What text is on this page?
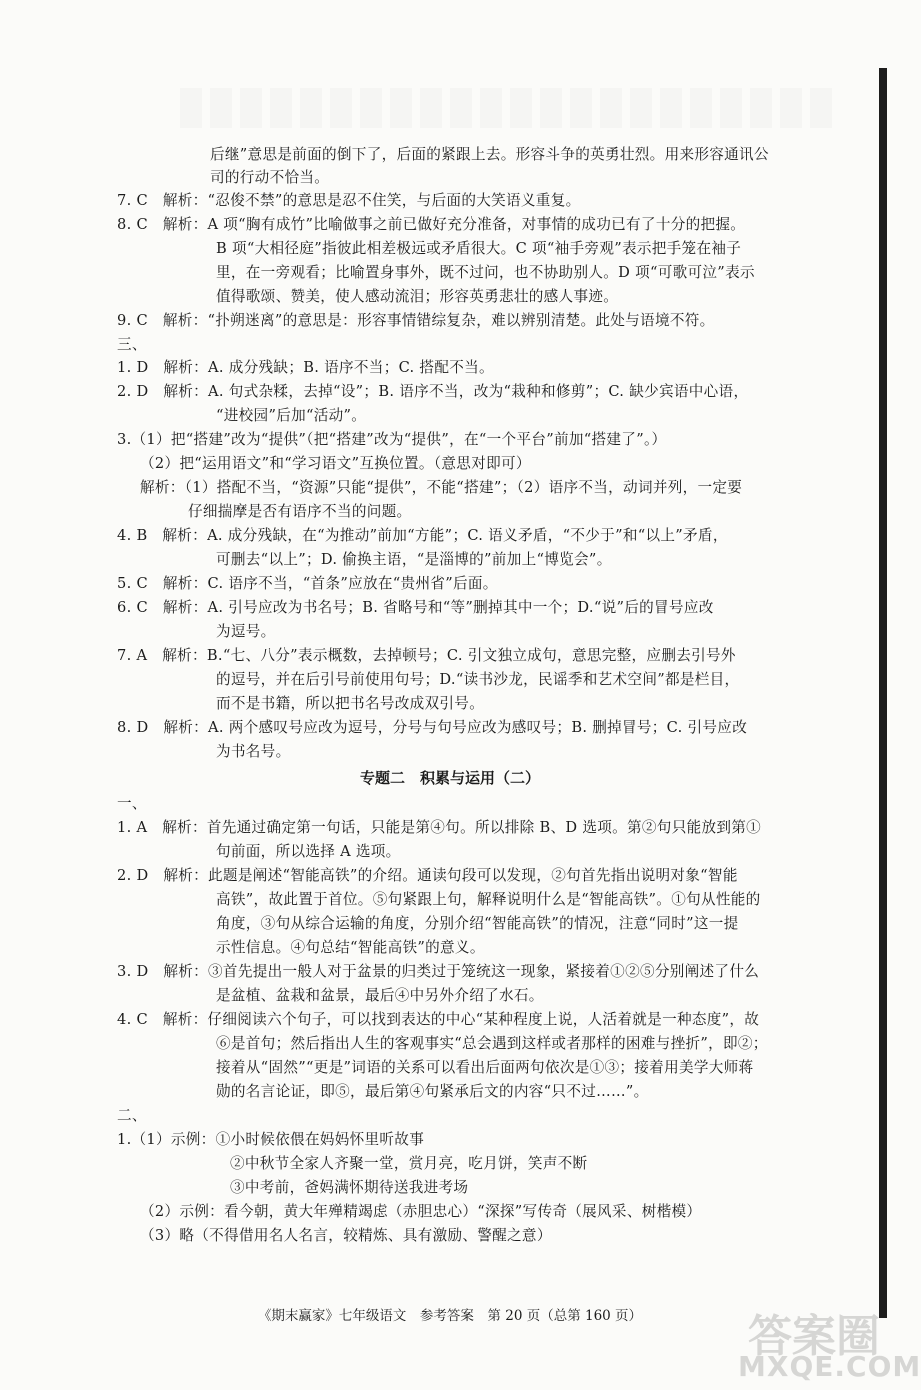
后继”意思是前面的倒下了，后面的紧跟上去。形容斗争的英勇壮烈。用来形容通讯公
司的行动不恰当。
7. C　解析：“忍俊不禁”的意思是忍不住笑，与后面的大笑语义重复。
8. C　解析：A 项“胸有成竹”比喻做事之前已做好充分准备，对事情的成功已有了十分的把握。
B 项“大相径庭”指彼此相差极远或矛盾很大。C 项“袖手旁观”表示把手笼在袖子
里，在一旁观看；比喻置身事外，既不过问，也不协助别人。D 项“可歌可泣”表示
值得歌颂、赞美，使人感动流泪；形容英勇悲壮的感人事迹。
9. C　解析：“扑朔迷离”的意思是：形容事情错综复杂，难以辨别清楚。此处与语境不符。
三、
1. D　解析：A. 成分残缺；B. 语序不当；C. 搭配不当。
2. D　解析：A. 句式杂糅，去掉“设”；B. 语序不当，改为“栽种和修剪”；C. 缺少宾语中心语，
“进校园”后加“活动”。
3.（1）把“搭建”改为“提供”（把“搭建”改为“提供”，在“一个平台”前加“搭建了”。）
（2）把“运用语文”和“学习语文”互换位置。（意思对即可）
解析：（1）搭配不当，“资源”只能“提供”，不能“搭建”；（2）语序不当，动词并列，一定要
仔细揣摩是否有语序不当的问题。
4. B　解析：A. 成分残缺，在“为推动”前加“方能”；C. 语义矛盾，“不少于”和“以上”矛盾，
可删去“以上”；D. 偷换主语，“是淄博的”前加上“博览会”。
5. C　解析：C. 语序不当，“首条”应放在“贵州省”后面。
6. C　解析：A. 引号应改为书名号；B. 省略号和“等”删掉其中一个；D.“说”后的冒号应改
为逗号。
7. A　解析：B.“七、八分”表示概数，去掉顿号；C. 引文独立成句，意思完整，应删去引号外
的逗号，并在后引号前使用句号；D.“读书沙龙，民谣季和艺术空间”都是栏目，
而不是书籍，所以把书名号改成双引号。
8. D　解析：A. 两个感叹号应改为逗号，分号与句号应改为感叹号；B. 删掉冒号；C. 引号应改
为书名号。
专题二　积累与运用（二）
一、
1. A　解析：首先通过确定第一句话，只能是第④句。所以排除 B、D 选项。第②句只能放到第①
句前面，所以选择 A 选项。
2. D　解析：此题是阐述“智能高铁”的介绍。通读句段可以发现，②句首先指出说明对象“智能
高铁”，故此置于首位。⑤句紧跟上句，解释说明什么是“智能高铁”。①句从性能的
角度，③句从综合运输的角度，分别介绍“智能高铁”的情况，注意“同时”这一提
示性信息。④句总结“智能高铁”的意义。
3. D　解析：③首先提出一般人对于盆景的归类过于笼统这一现象，紧接着①②⑤分别阐述了什么
是盆植、盆栽和盆景，最后④中另外介绍了水石。
4. C　解析：仔细阅读六个句子，可以找到表达的中心“某种程度上说，人活着就是一种态度”，故
⑥是首句；然后指出人生的客观事实“总会遇到这样或者那样的困难与挫折”，即②；
接着从“固然”“更是”词语的关系可以看出后面两句依次是①③；接着用美学大师蒋
勋的名言论证，即⑤，最后第④句紧承后文的内容“只不过……”。
二、
1.（1）示例：①小时候依偎在妈妈怀里听故事
②中秋节全家人齐聚一堂，赏月亮，吃月饼，笑声不断
③中考前，爸妈满怀期待送我进考场
（2）示例：看今朝，黄大年殚精竭虑（赤胆忠心）“深探”写传奇（展风采、树楷模）
（3）略（不得借用名人名言，较精炼、具有激励、警醒之意）
《期末赢家》七年级语文　参考答案　第 20 页（总第 160 页）	答案圈
MXQE.COM
